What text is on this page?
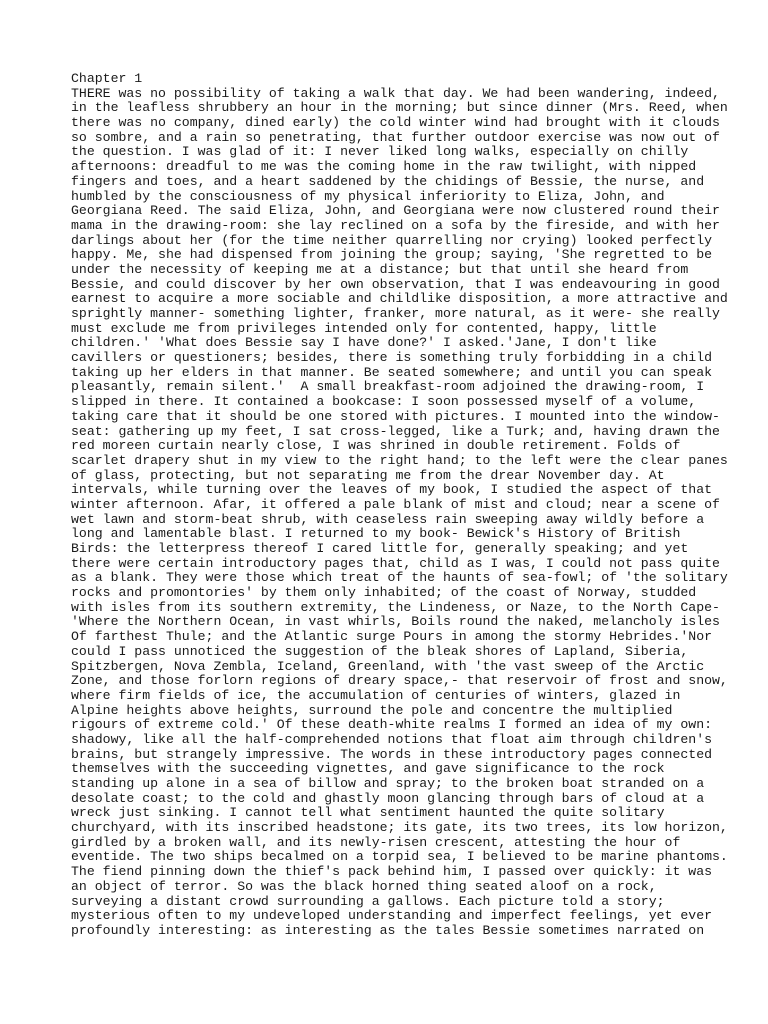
Chapter 1

THERE was no possibility of taking a walk that day. We had been wandering, indeed,

in the leafless shrubbery an hour in the morning; but since dinner (Mrs. Reed, when

there was no company, dined early) the cold winter wind had brought with it clouds

so sombre, and a rain so penetrating, that further outdoor exercise was now out of

the question. I was glad of it: I never liked long walks, especially on chilly

afternoons: dreadful to me was the coming home in the raw twilight, with nipped

fingers and toes, and a heart saddened by the chidings of Bessie, the nurse, and

humbled by the consciousness of my physical inferiority to Eliza, John, and

Georgiana Reed. The said Eliza, John, and Georgiana were now clustered round their

mama in the drawing-room: she lay reclined on a sofa by the fireside, and with her

darlings about her (for the time neither quarrelling nor crying) looked perfectly

happy. Me, she had dispensed from joining the group; saying, 'She regretted to be

under the necessity of keeping me at a distance; but that until she heard from

Bessie, and could discover by her own observation, that I was endeavouring in good

earnest to acquire a more sociable and childlike disposition, a more attractive and

sprightly manner- something lighter, franker, more natural, as it were- she really

must exclude me from privileges intended only for contented, happy, little

children.' 'What does Bessie say I have done?' I asked.'Jane, I don't like

cavillers or questioners; besides, there is something truly forbidding in a child

taking up her elders in that manner. Be seated somewhere; and until you can speak

pleasantly, remain silent.'  A small breakfast-room adjoined the drawing-room, I

slipped in there. It contained a bookcase: I soon possessed myself of a volume,

taking care that it should be one stored with pictures. I mounted into the window-

seat: gathering up my feet, I sat cross-legged, like a Turk; and, having drawn the

red moreen curtain nearly close, I was shrined in double retirement. Folds of

scarlet drapery shut in my view to the right hand; to the left were the clear panes

of glass, protecting, but not separating me from the drear November day. At

intervals, while turning over the leaves of my book, I studied the aspect of that

winter afternoon. Afar, it offered a pale blank of mist and cloud; near a scene of

wet lawn and storm-beat shrub, with ceaseless rain sweeping away wildly before a

long and lamentable blast. I returned to my book- Bewick's History of British

Birds: the letterpress thereof I cared little for, generally speaking; and yet

there were certain introductory pages that, child as I was, I could not pass quite

as a blank. They were those which treat of the haunts of sea-fowl; of 'the solitary

rocks and promontories' by them only inhabited; of the coast of Norway, studded

with isles from its southern extremity, the Lindeness, or Naze, to the North Cape-

'Where the Northern Ocean, in vast whirls, Boils round the naked, melancholy isles

Of farthest Thule; and the Atlantic surge Pours in among the stormy Hebrides.'Nor

could I pass unnoticed the suggestion of the bleak shores of Lapland, Siberia,

Spitzbergen, Nova Zembla, Iceland, Greenland, with 'the vast sweep of the Arctic

Zone, and those forlorn regions of dreary space,- that reservoir of frost and snow,

where firm fields of ice, the accumulation of centuries of winters, glazed in

Alpine heights above heights, surround the pole and concentre the multiplied

rigours of extreme cold.' Of these death-white realms I formed an idea of my own:

shadowy, like all the half-comprehended notions that float aim through children's

brains, but strangely impressive. The words in these introductory pages connected

themselves with the succeeding vignettes, and gave significance to the rock

standing up alone in a sea of billow and spray; to the broken boat stranded on a

desolate coast; to the cold and ghastly moon glancing through bars of cloud at a

wreck just sinking. I cannot tell what sentiment haunted the quite solitary

churchyard, with its inscribed headstone; its gate, its two trees, its low horizon,

girdled by a broken wall, and its newly-risen crescent, attesting the hour of

eventide. The two ships becalmed on a torpid sea, I believed to be marine phantoms.

The fiend pinning down the thief's pack behind him, I passed over quickly: it was

an object of terror. So was the black horned thing seated aloof on a rock,

surveying a distant crowd surrounding a gallows. Each picture told a story;

mysterious often to my undeveloped understanding and imperfect feelings, yet ever

profoundly interesting: as interesting as the tales Bessie sometimes narrated on
